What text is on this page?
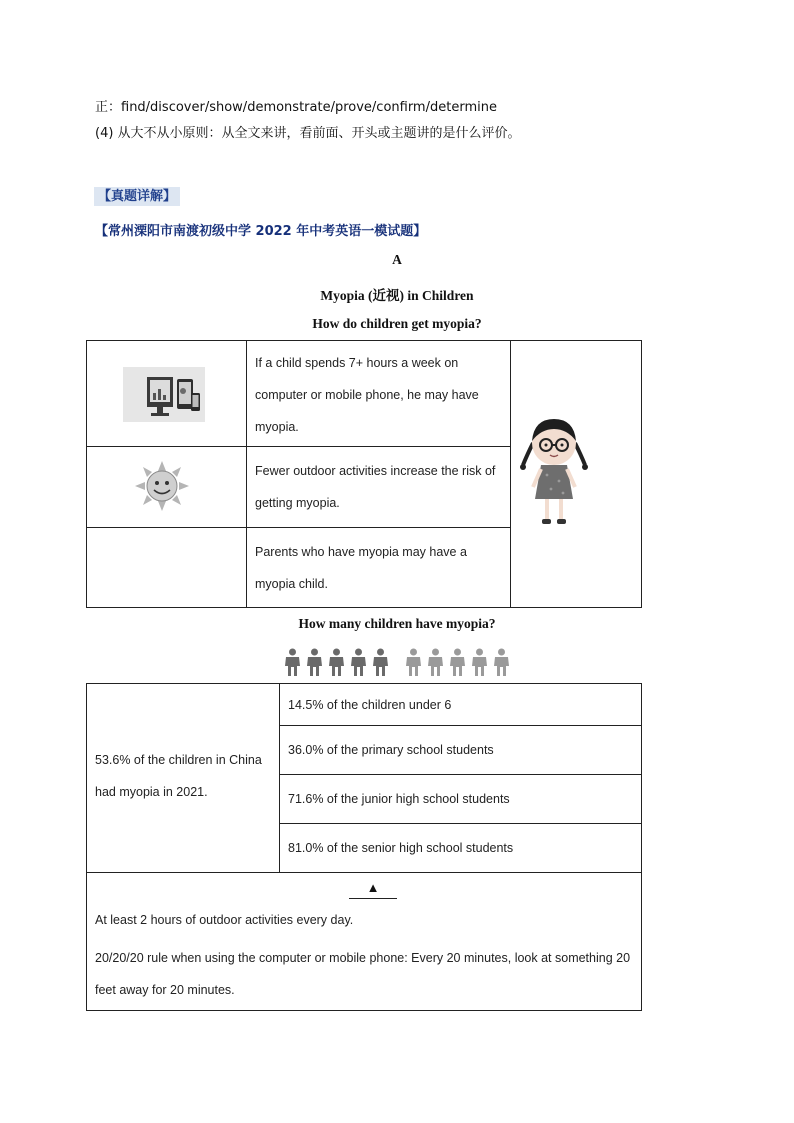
正：find/discover/show/demonstrate/prove/confirm/determine
(4) 从大不从小原则：从全文来讲，看前面、开头或主题讲的是什么评价。
【真题详解】
【常州溧阳市南渡初级中学 2022 年中考英语一模试题】
A
Myopia (近视) in Children
How do children get myopia?
If a child spends 7+ hours a week on computer or mobile phone, he may have myopia.
Fewer outdoor activities increase the risk of getting myopia.
Parents who have myopia may have a myopia child.
How many children have myopia?
53.6% of the children in China had myopia in 2021.
14.5% of the children under 6
36.0% of the primary school students
71.6% of the junior high school students
81.0% of the senior high school students
▲
At least 2 hours of outdoor activities every day.
20/20/20 rule when using the computer or mobile phone: Every 20 minutes, look at something 20 feet away for 20 minutes.
